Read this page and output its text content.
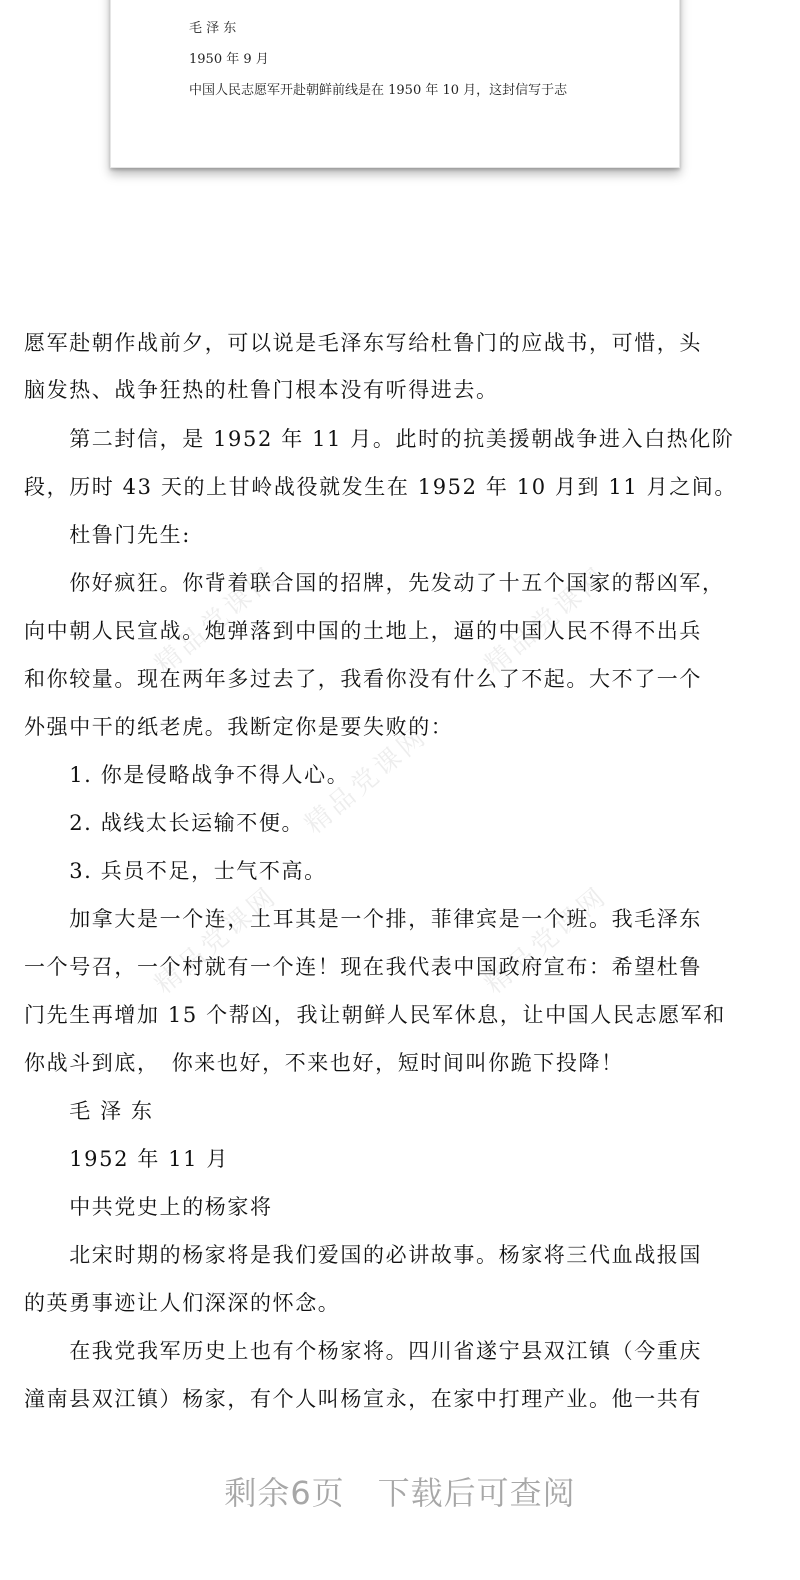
毛 泽 东
1950 年 9 月
中国人民志愿军开赴朝鲜前线是在 1950 年 10 月，这封信写于志
精品党课网	精品党课网
精品党课网
精品党课网	精品党课网
愿军赴朝作战前夕，可以说是毛泽东写给杜鲁门的应战书，可惜，头
脑发热、战争狂热的杜鲁门根本没有听得进去。
　　第二封信，是 1952 年 11 月。此时的抗美援朝战争进入白热化阶
段，历时 43 天的上甘岭战役就发生在 1952 年 10 月到 11 月之间。
　　杜鲁门先生:
　　你好疯狂。你背着联合国的招牌，先发动了十五个国家的帮凶军，
向中朝人民宣战。炮弹落到中国的土地上，逼的中国人民不得不出兵
和你较量。现在两年多过去了，我看你没有什么了不起。大不了一个
外强中干的纸老虎。我断定你是要失败的：
　　1. 你是侵略战争不得人心。
　　2. 战线太长运输不便。
　　3. 兵员不足，士气不高。
　　加拿大是一个连，土耳其是一个排，菲律宾是一个班。我毛泽东
一个号召，一个村就有一个连！现在我代表中国政府宣布：希望杜鲁
门先生再增加 15 个帮凶，我让朝鲜人民军休息，让中国人民志愿军和
你战斗到底，　你来也好，不来也好，短时间叫你跪下投降！
　　毛 泽 东
　　1952 年 11 月
　　中共党史上的杨家将
　　北宋时期的杨家将是我们爱国的必讲故事。杨家将三代血战报国
的英勇事迹让人们深深的怀念。
　　在我党我军历史上也有个杨家将。四川省遂宁县双江镇（今重庆
潼南县双江镇）杨家，有个人叫杨宣永，在家中打理产业。他一共有
剩余6页　下载后可查阅
